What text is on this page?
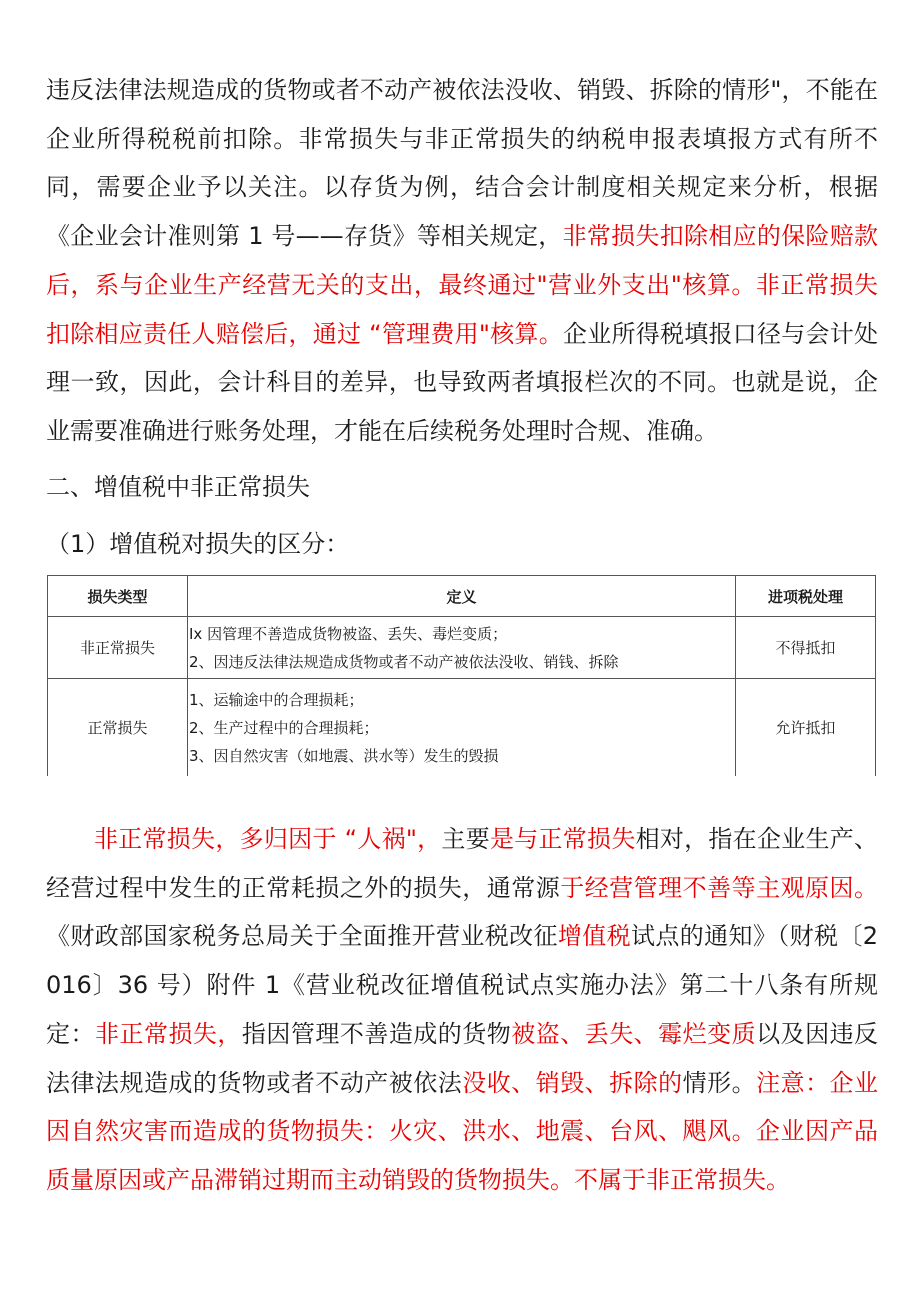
违反法律法规造成的货物或者不动产被依法没收、销毁、拆除的情形"，不能在企业所得税税前扣除。非常损失与非正常损失的纳税申报表填报方式有所不同，需要企业予以关注。以存货为例，结合会计制度相关规定来分析，根据《企业会计准则第 1 号——存货》等相关规定，非常损失扣除相应的保险赔款后，系与企业生产经营无关的支出，最终通过"营业外支出"核算。非正常损失扣除相应责任人赔偿后，通过 “管理费用"核算。企业所得税填报口径与会计处理一致，因此，会计科目的差异，也导致两者填报栏次的不同。也就是说，企业需要准确进行账务处理，才能在后续税务处理时合规、准确。

二、增值税中非正常损失

（1）增值税对损失的区分：

损失类型	定义	进项税处理
非正常损失	Ix 因管理不善造成货物被盗、丢失、毒烂变质；
2、因违反法律法规造成货物或者不动产被依法没收、销钱、拆除	不得抵扣
正常损失	1、运输途中的合理损耗；
2、生产过程中的合理损耗；
3、因自然灾害（如地震、洪水等）发生的毁损	允许抵扣

非正常损失，多归因于 “人祸"，主要是与正常损失相对，指在企业生产、经营过程中发生的正常耗损之外的损失，通常源于经营管理不善等主观原因。《财政部国家税务总局关于全面推开营业税改征增值税试点的通知》（财税〔2016〕36 号）附件 1《营业税改征增值税试点实施办法》第二十八条有所规定：非正常损失，指因管理不善造成的货物被盗、丢失、霉烂变质以及因违反法律法规造成的货物或者不动产被依法没收、销毁、拆除的情形。注意：企业因自然灾害而造成的货物损失：火灾、洪水、地震、台风、飓风。企业因产品质量原因或产品滞销过期而主动销毁的货物损失。不属于非正常损失。
